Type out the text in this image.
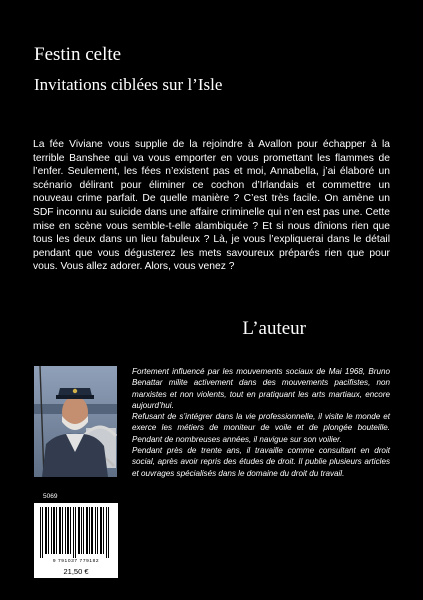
Festin celte
Invitations ciblées sur l’Isle

La fée Viviane vous supplie de la rejoindre à Avallon pour échapper à la terrible Banshee qui va vous emporter en vous promettant les flammes de l’enfer. Seulement, les fées n’existent pas et moi, Annabella, j’ai élaboré un scénario délirant pour éliminer ce cochon d’Irlandais et commettre un nouveau crime parfait. De quelle manière ? C’est très facile. On amène un SDF inconnu au suicide dans une affaire criminelle qui n’en est pas une. Cette mise en scène vous semble-t-elle alambiquée ? Et si nous dînions rien que tous les deux dans un lieu fabuleux ? Là, je vous l’expliquerai dans le détail pendant que vous dégusterez les mets savoureux préparés rien que pour vous. Vous allez adorer. Alors, vous venez ?

L’auteur

Fortement influencé par les mouvements sociaux de Mai 1968, Bruno Benattar milite activement dans des mouvements pacifistes, non marxistes et non violents, tout en pratiquant les arts martiaux, encore aujourd’hui.

Refusant de s’intégrer dans la vie professionnelle, il visite le monde et exerce les métiers de moniteur de voile et de plongée bouteille. Pendant de nombreuses années, il navigue sur son voilier.

Pendant près de trente ans, il travaille comme consultant en droit social, après avoir repris des études de droit. Il publie plusieurs articles et ouvrages spécialisés dans le domaine du droit du travail.

5069
9 791037 779182
21,50 €
